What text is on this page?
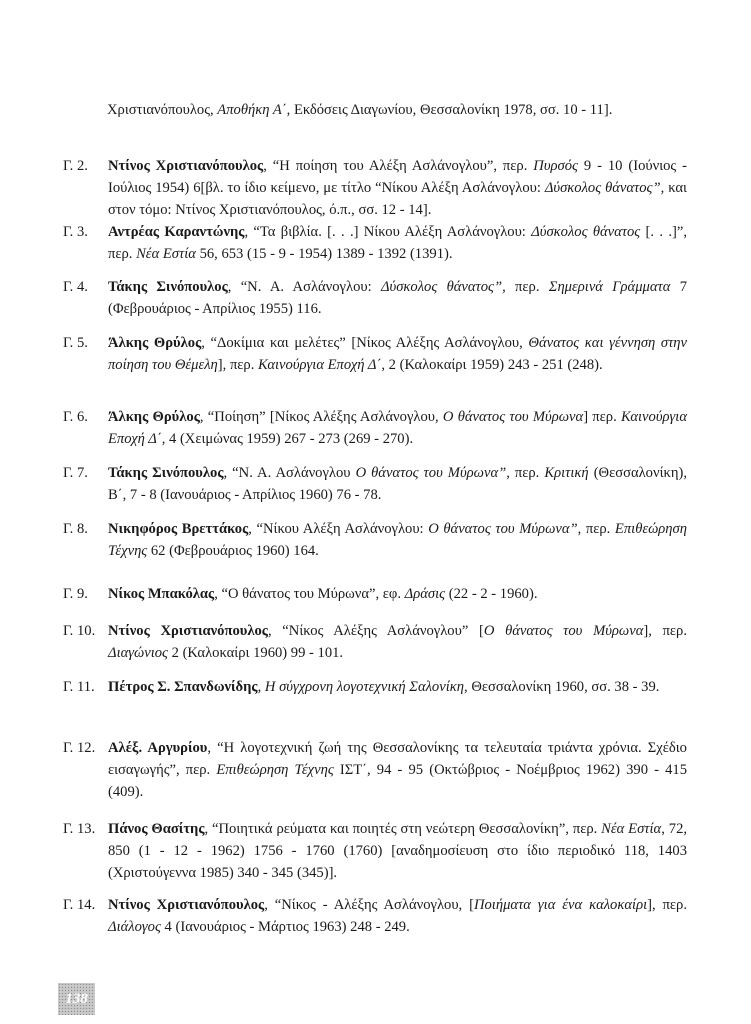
Χριστιανόπουλος, Αποθήκη Α΄, Εκδόσεις Διαγωνίου, Θεσσαλονίκη 1978, σσ. 10 - 11].
Γ. 2.	Ντίνος Χριστιανόπουλος, “Η ποίηση του Αλέξη Ασλάνογλου”, περ. Πυρσός 9 - 10 (Ιούνιος - Ιούλιος 1954) 6[βλ. το ίδιο κείμενο, με τίτλο “Νίκου Αλέξη Ασλάνογλου: Δύσκολος θάνατος”, και στον τόμο: Ντίνος Χριστιανόπουλος, ό.π., σσ. 12 - 14].
Γ. 3.	Αντρέας Καραντώνης, “Τα βιβλία. [. . .] Νίκου Αλέξη Ασλάνογλου: Δύσκολος θάνατος [. . .]”, περ. Νέα Εστία 56, 653 (15 - 9 - 1954) 1389 - 1392 (1391).
Γ. 4.	Τάκης Σινόπουλος, “Ν. Α. Ασλάνογλου: Δύσκολος θάνατος”, περ. Σημερινά Γράμματα 7 (Φεβρουάριος - Απρίλιος 1955) 116.
Γ. 5.	Άλκης Θρύλος, “Δοκίμια και μελέτες” [Νίκος Αλέξης Ασλάνογλου, Θάνατος και γέννηση στην ποίηση του Θέμελη], περ. Καινούργια Εποχή Δ΄, 2 (Καλοκαίρι 1959) 243 - 251 (248).
Γ. 6.	Άλκης Θρύλος, “Ποίηση” [Νίκος Αλέξης Ασλάνογλου, Ο θάνατος του Μύρωνα] περ. Καινούργια Εποχή Δ΄, 4 (Χειμώνας 1959) 267 - 273 (269 - 270).
Γ. 7.	Τάκης Σινόπουλος, “Ν. Α. Ασλάνογλου Ο θάνατος του Μύρωνα”, περ. Κριτική (Θεσσαλονίκη), Β΄, 7 - 8 (Ιανουάριος - Απρίλιος 1960) 76 - 78.
Γ. 8.	Νικηφόρος Βρεττάκος, “Νίκου Αλέξη Ασλάνογλου: Ο θάνατος του Μύρωνα”, περ. Επιθεώρηση Τέχνης 62 (Φεβρουάριος 1960) 164.
Γ. 9.	Νίκος Μπακόλας, “Ο θάνατος του Μύρωνα”, εφ. Δράσις (22 - 2 - 1960).
Γ. 10. Ντίνος Χριστιανόπουλος, “Νίκος Αλέξης Ασλάνογλου” [Ο θάνατος του Μύρωνα], περ. Διαγώνιος 2 (Καλοκαίρι 1960) 99 - 101.
Γ. 11. Πέτρος Σ. Σπανδωνίδης, Η σύγχρονη λογοτεχνική Σαλονίκη, Θεσσαλονίκη 1960, σσ. 38 - 39.
Γ. 12. Αλέξ. Αργυρίου, “Η λογοτεχνική ζωή της Θεσσαλονίκης τα τελευταία τριάντα χρόνια. Σχέδιο εισαγωγής”, περ. Επιθεώρηση Τέχνης ΙΣΤ΄, 94 - 95 (Οκτώβριος - Νοέμβριος 1962) 390 - 415 (409).
Γ. 13. Πάνος Θασίτης, “Ποιητικά ρεύματα και ποιητές στη νεώτερη Θεσσαλονίκη”, περ. Νέα Εστία, 72, 850 (1 - 12 - 1962) 1756 - 1760 (1760) [αναδημοσίευση στο ίδιο περιοδικό 118, 1403 (Χριστούγεννα 1985) 340 - 345 (345)].
Γ. 14. Ντίνος Χριστιανόπουλος, “Νίκος - Αλέξης Ασλάνογλου, [Ποιήματα για ένα καλοκαίρι], περ. Διάλογος 4 (Ιανουάριος - Μάρτιος 1963) 248 - 249.
138
